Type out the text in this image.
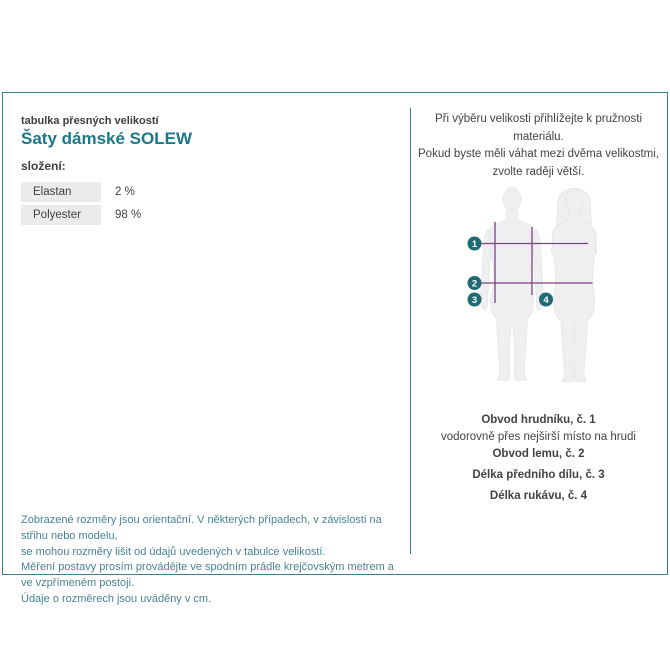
tabulka přesných velikostí
Šaty dámské SOLEW
složení:
Elastan	2 %
Polyester	98 %
Zobrazené rozměry jsou orientační. V některých případech, v závislosti na střihu nebo modelu,
se mohou rozměry lišit od údajů uvedených v tabulce velikostí.
Měření postavy prosím provádějte ve spodním prádle krejčovským metrem a ve vzpřímeném postoji.
Údaje o rozměrech jsou uváděny v cm.
Při výběru velikosti přihlížejte k pružnosti materiálu.
Pokud byste měli váhat mezi dvěma velikostmi,
zvolte raději větší.
1
2
3	4
Obvod hrudníku, č. 1
vodorovně přes nejširší místo na hrudi
Obvod lemu, č. 2
Délka předního dílu, č. 3
Délka rukávu, č. 4
